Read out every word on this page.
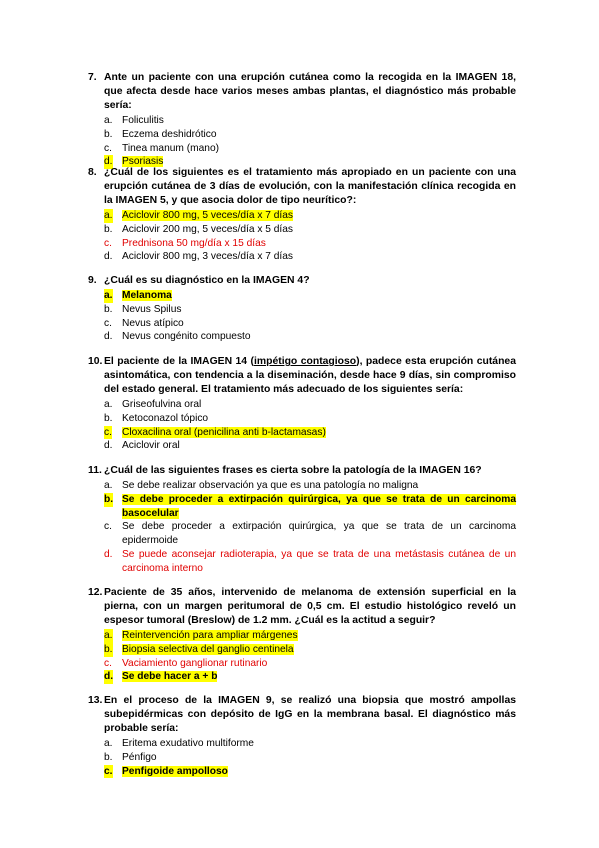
7. Ante un paciente con una erupción cutánea como la recogida en la IMAGEN 18, que afecta desde hace varios meses ambas plantas, el diagnóstico más probable sería:
a. Foliculitis
b. Eczema deshidrótico
c. Tinea manum (mano)
d. Psoriasis
8. ¿Cuál de los siguientes es el tratamiento más apropiado en un paciente con una erupción cutánea de 3 días de evolución, con la manifestación clínica recogida en la IMAGEN 5, y que asocia dolor de tipo neurítico?:
a. Aciclovir 800 mg, 5 veces/día x 7 días
b. Aciclovir 200 mg, 5 veces/día x 5 días
c. Prednisona 50 mg/día x 15 días
d. Aciclovir 800 mg, 3 veces/día x 7 días
9. ¿Cuál es su diagnóstico en la IMAGEN 4?
a. Melanoma
b. Nevus Spilus
c. Nevus atípico
d. Nevus congénito compuesto
10. El paciente de la IMAGEN 14 (impétigo contagioso), padece esta erupción cutánea asintomática, con tendencia a la diseminación, desde hace 9 días, sin compromiso del estado general. El tratamiento más adecuado de los siguientes sería:
a. Griseofulvina oral
b. Ketoconazol tópico
c. Cloxacilina oral (penicilina anti b-lactamasas)
d. Aciclovir oral
11. ¿Cuál de las siguientes frases es cierta sobre la patología de la IMAGEN 16?
a. Se debe realizar observación ya que es una patología no maligna
b. Se debe proceder a extirpación quirúrgica, ya que se trata de un carcinoma
basocelular
c. Se debe proceder a extirpación quirúrgica, ya que se trata de un carcinoma epidermoide
d. Se puede aconsejar radioterapia, ya que se trata de una metástasis cutánea de un carcinoma interno
12. Paciente de 35 años, intervenido de melanoma de extensión superficial en la pierna, con un margen peritumoral de 0,5 cm. El estudio histológico reveló un espesor tumoral (Breslow) de 1.2 mm. ¿Cuál es la actitud a seguir?
a. Reintervención para ampliar márgenes
b. Biopsia selectiva del ganglio centinela
c. Vaciamiento ganglionar rutinario
d. Se debe hacer a + b
13. En el proceso de la IMAGEN 9, se realizó una biopsia que mostró ampollas subepidérmicas con depósito de IgG en la membrana basal. El diagnóstico más probable sería:
a. Eritema exudativo multiforme
b. Pénfigo
c. Penfigoide ampolloso
